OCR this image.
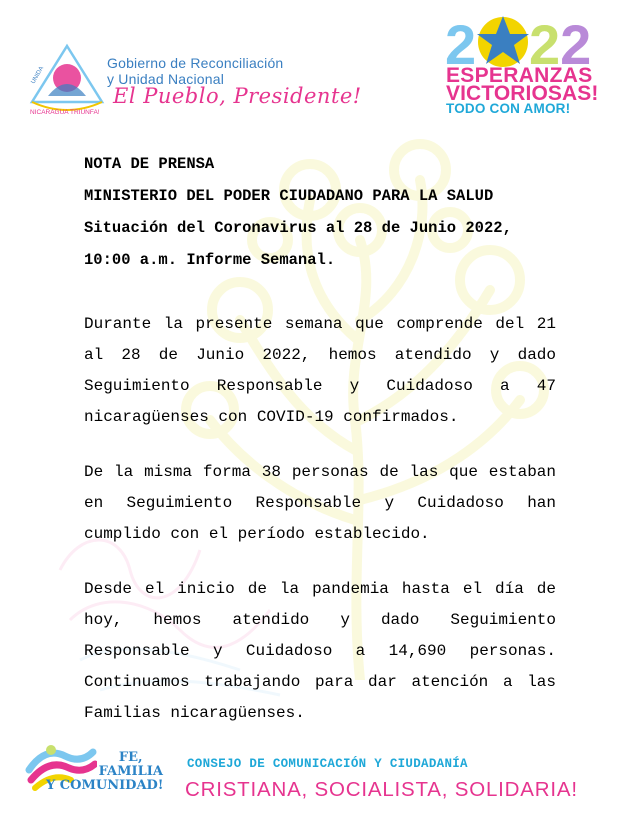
UNIDA
NICARAGUA TRIUNFA!
Gobierno de Reconciliación
y Unidad Nacional
El Pueblo, Presidente!
2 22
ESPERANZAS
VICTORIOSAS!
TODO CON AMOR!
NOTA DE PRENSA
MINISTERIO DEL PODER CIUDADANO PARA LA SALUD
Situación del Coronavirus al 28 de Junio 2022,
10:00 a.m. Informe Semanal.
Durante la presente semana que comprende del 21 al 28 de Junio 2022, hemos atendido y dado Seguimiento Responsable y Cuidadoso a 47 nicaragüenses con COVID-19 confirmados.
De la misma forma 38 personas de las que estaban en Seguimiento Responsable y Cuidadoso han cumplido con el período establecido.
Desde el inicio de la pandemia hasta el día de hoy, hemos atendido y dado Seguimiento Responsable y Cuidadoso a 14,690 personas. Continuamos trabajando para dar atención a las Familias nicaragüenses.
FE,
FAMILIA
Y COMUNIDAD!
CONSEJO DE COMUNICACIÓN Y CIUDADANÍA
CRISTIANA, SOCIALISTA, SOLIDARIA!
